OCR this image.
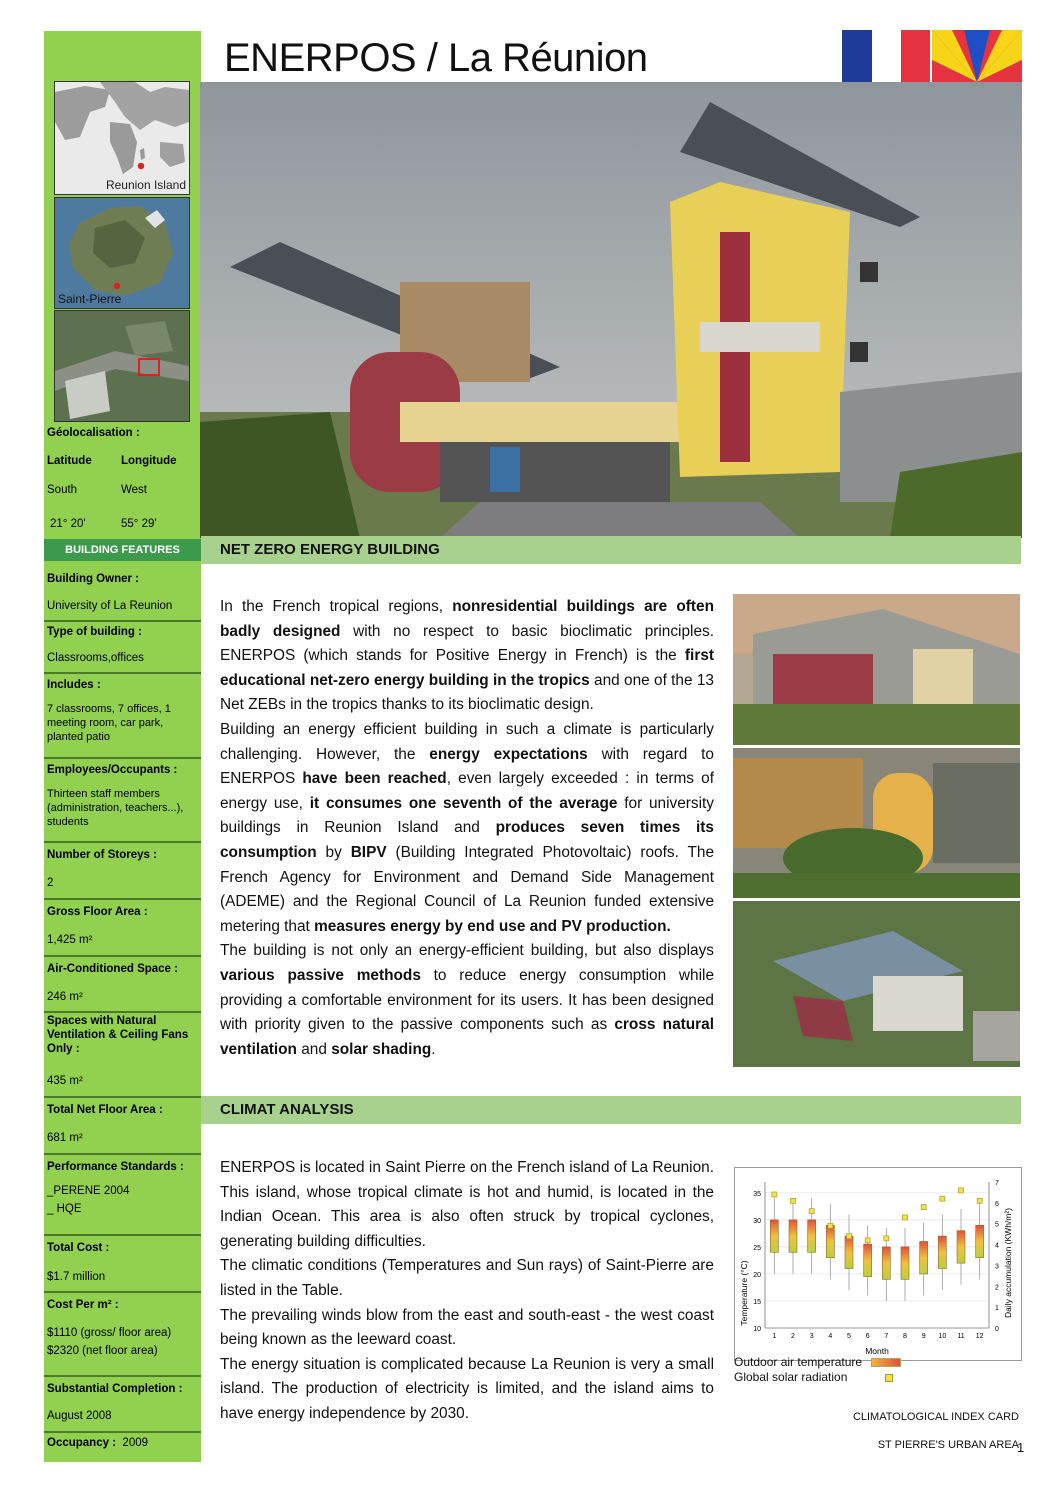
Reunion Island
Saint-Pierre
Géolocalisation :
Latitude	Longitude
South	West
21° 20'	55° 29'
BUILDING FEATURES
Building Owner :
University of La Reunion
Type of building :
Classrooms,offices
Includes :
7 classrooms, 7 offices, 1 meeting room, car park, planted patio
Employees/Occupants :
Thirteen staff members (administration, teachers...), students
Number of Storeys :
2
Gross Floor Area :
1,425 m²
Air-Conditioned Space :
246 m²
Spaces with Natural Ventilation & Ceiling Fans Only :
435 m²
Total Net Floor Area :
681 m²
Performance Standards :
_PERENE 2004
_ HQE
Total Cost :
$1.7 million
Cost Per m² :
$1110 (gross/ floor area)
$2320 (net floor area)
Substantial Completion :
August 2008
Occupancy : 2009
ENERPOS / La Réunion
NET ZERO ENERGY BUILDING

In the French tropical regions, nonresidential buildings are often badly designed with no respect to basic bioclimatic principles. ENERPOS (which stands for Positive Energy in French) is the first educational net-zero energy building in the tropics and one of the 13 Net ZEBs in the tropics thanks to its bioclimatic design.

Building an energy efficient building in such a climate is particularly challenging. However, the energy expectations with regard to ENERPOS have been reached, even largely exceeded : in terms of energy use, it consumes one seventh of the average for university buildings in Reunion Island and produces seven times its consumption by BIPV (Building Integrated Photovoltaic) roofs. The French Agency for Environment and Demand Side Management (ADEME) and the Regional Council of La Reunion funded extensive metering that measures energy by end use and PV production.

The building is not only an energy-efficient building, but also displays various passive methods to reduce energy consumption while providing a comfortable environment for its users. It has been designed with priority given to the passive components such as cross natural ventilation and solar shading.

CLIMAT ANALYSIS

ENERPOS is located in Saint Pierre on the French island of La Reunion. This island, whose tropical climate is hot and humid, is located in the Indian Ocean. This area is also often struck by tropical cyclones, generating building difficulties.

The climatic conditions (Temperatures and Sun rays) of Saint-Pierre are listed in the Table.

The prevailing winds blow from the east and south-east - the west coast being known as the leeward coast.

The energy situation is complicated because La Reunion is very a small island. The production of electricity is limited, and the island aims to have energy independence by 2030.

Temperature (°C)	Daily accumulation (KWh/m²)
Month
10
15
20
25
30
35
0
1
2
3
4
5
6
7
1 2 3 4 5 6 7 8 9 10 11 12
Outdoor air temperature
Global solar radiation
CLIMATOLOGICAL INDEX CARD
ST PIERRE'S URBAN AREA
1
